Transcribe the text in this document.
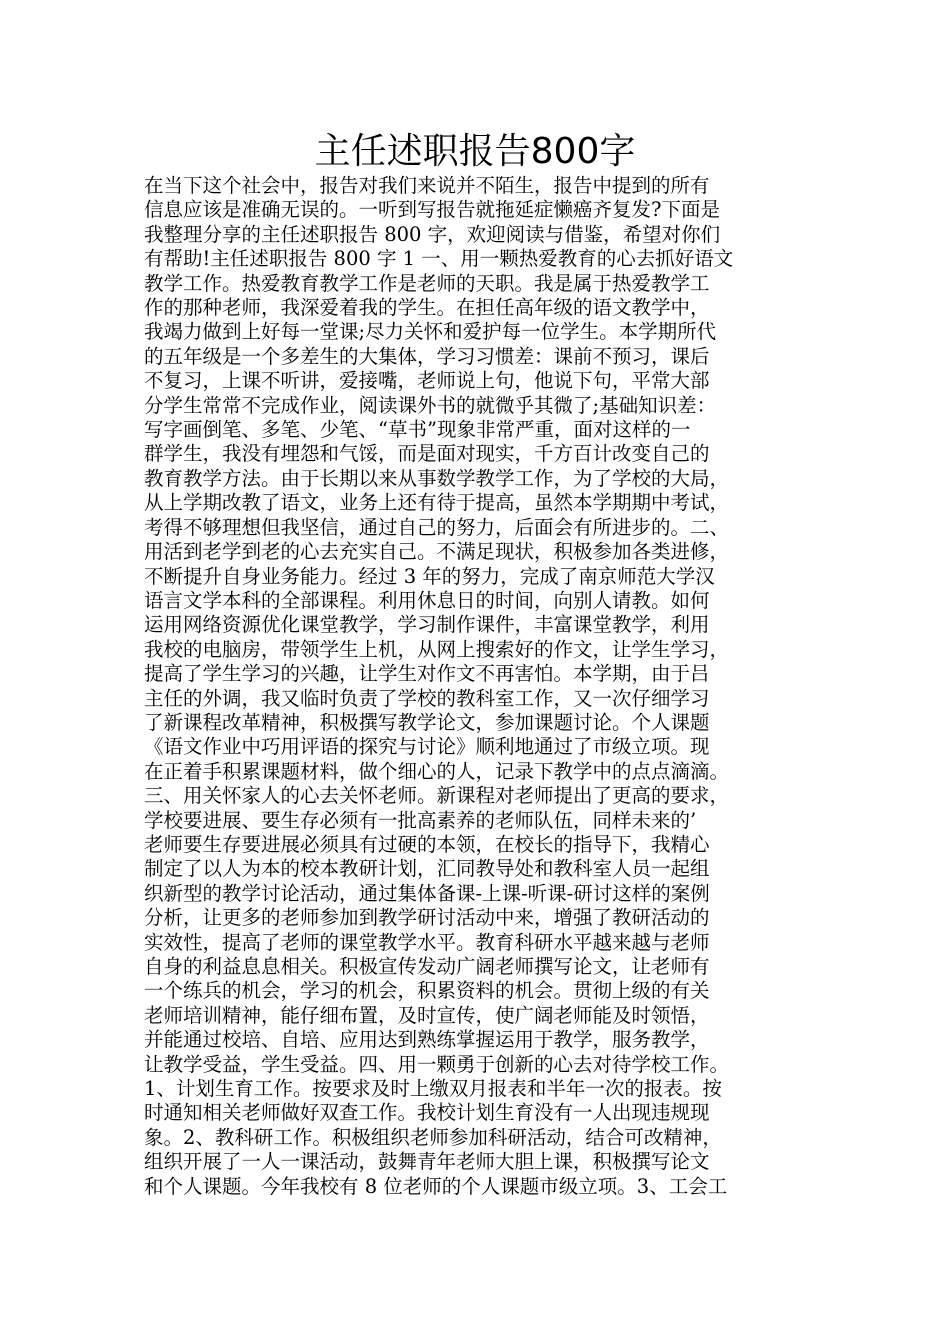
主任述职报告800字
在当下这个社会中，报告对我们来说并不陌生，报告中提到的所有
信息应该是准确无误的。一听到写报告就拖延症懒癌齐复发?下面是
我整理分享的主任述职报告 800 字，欢迎阅读与借鉴，希望对你们
有帮助!主任述职报告 800 字 1 一、用一颗热爱教育的心去抓好语文
教学工作。热爱教育教学工作是老师的天职。我是属于热爱教学工
作的那种老师，我深爱着我的学生。在担任高年级的语文教学中，
我竭力做到上好每一堂课;尽力关怀和爱护每一位学生。本学期所代
的五年级是一个多差生的大集体，学习习惯差：课前不预习，课后
不复习，上课不听讲，爱接嘴，老师说上句，他说下句，平常大部
分学生常常不完成作业，阅读课外书的就微乎其微了;基础知识差：
写字画倒笔、多笔、少笔、“草书”现象非常严重，面对这样的一
群学生，我没有埋怨和气馁，而是面对现实，千方百计改变自己的
教育教学方法。由于长期以来从事数学教学工作，为了学校的大局，
从上学期改教了语文，业务上还有待于提高，虽然本学期期中考试，
考得不够理想但我坚信，通过自己的努力，后面会有所进步的。二、
用活到老学到老的心去充实自己。不满足现状，积极参加各类进修，
不断提升自身业务能力。经过 3 年的努力，完成了南京师范大学汉
语言文学本科的全部课程。利用休息日的时间，向别人请教。如何
运用网络资源优化课堂教学，学习制作课件，丰富课堂教学，利用
我校的电脑房，带领学生上机，从网上搜索好的作文，让学生学习，
提高了学生学习的兴趣，让学生对作文不再害怕。本学期，由于吕
主任的外调，我又临时负责了学校的教科室工作，又一次仔细学习
了新课程改革精神，积极撰写教学论文，参加课题讨论。个人课题
《语文作业中巧用评语的探究与讨论》顺利地通过了市级立项。现
在正着手积累课题材料，做个细心的人，记录下教学中的点点滴滴。
三、用关怀家人的心去关怀老师。新课程对老师提出了更高的要求，
学校要进展、要生存必须有一批高素养的老师队伍，同样未来的’
老师要生存要进展必须具有过硬的本领，在校长的指导下，我精心
制定了以人为本的校本教研计划，汇同教导处和教科室人员一起组
织新型的教学讨论活动，通过集体备课-上课-听课-研讨这样的案例
分析，让更多的老师参加到教学研讨活动中来，增强了教研活动的
实效性，提高了老师的课堂教学水平。教育科研水平越来越与老师
自身的利益息息相关。积极宣传发动广阔老师撰写论文，让老师有
一个练兵的机会，学习的机会，积累资料的机会。贯彻上级的有关
老师培训精神，能仔细布置，及时宣传，使广阔老师能及时领悟，
并能通过校培、自培、应用达到熟练掌握运用于教学，服务教学，
让教学受益，学生受益。四、用一颗勇于创新的心去对待学校工作。
1、计划生育工作。按要求及时上缴双月报表和半年一次的报表。按
时通知相关老师做好双查工作。我校计划生育没有一人出现违规现
象。2、教科研工作。积极组织老师参加科研活动，结合可改精神，
组织开展了一人一课活动，鼓舞青年老师大胆上课，积极撰写论文
和个人课题。今年我校有 8 位老师的个人课题市级立项。3、工会工
